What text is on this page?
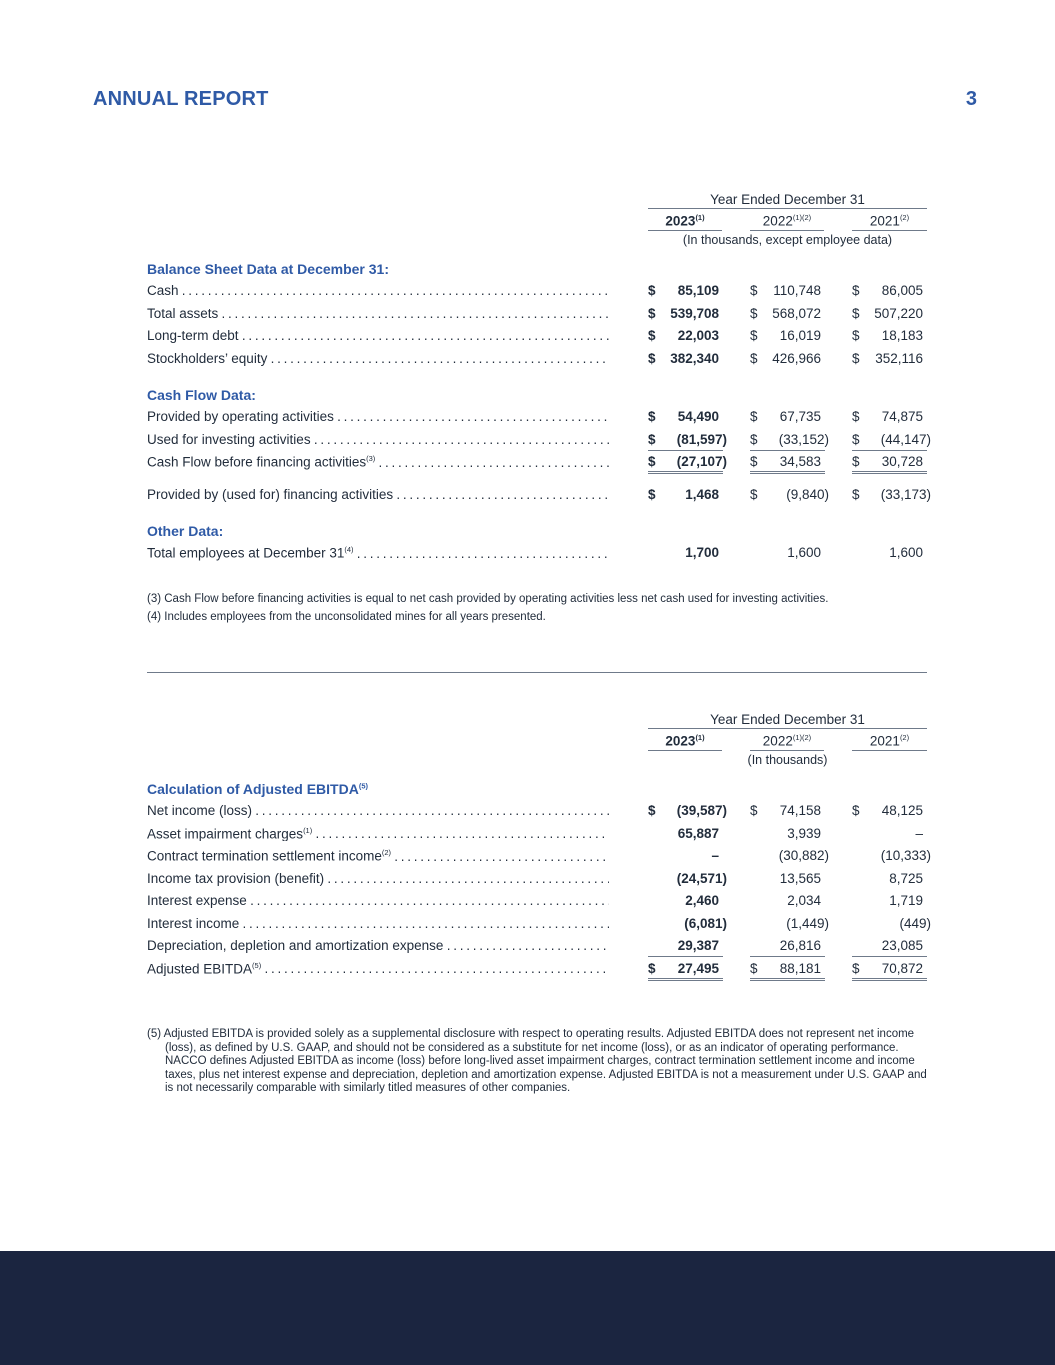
ANNUAL REPORT	3
Year Ended December 31
2023$^{(1)}$	$2022^{(1)(2)}$	2021$^{(2)}$
(In thousands, except employee data)
Balance Sheet Data at December 31:
Cash . . .	$ 85,109 $ 110,748 $ 86,005
Total assets . . .	$ 539,708 $ 568,072 $ 507,220
Long-term debt . . .	$ 22,003 $ 16,019 $ 18,183
Stockholders’ equity . . .	$ 382,340 $ 426,966 $ 352,116
Cash Flow Data:
Provided by operating activities . . .	$ 54,490 $ 67,735 $ 74,875
Used for investing activities . . .	$ (81,597) $ (33,152) $ (44,147)
Cash Flow before financing activities$^{(3)}$ . . .	$ (27,107) $ 34,583 $ 30,728
Provided by (used for) financing activities . . .	$ 1,468 $ (9,840) $ (33,173)
Other Data:
Total employees at December 31$^{(4)}$ . . .	1,700	1,600	1,600

(3) Cash Flow before financing activities is equal to net cash provided by operating activities less net cash used for investing activities.

(4) Includes employees from the unconsolidated mines for all years presented.

Year Ended December 31
2023$^{(1)}$	$2022^{(1)(2)}$	2021$^{(2)}$
(In thousands)
Calculation of Adjusted EBITDA$^{(5)}$
Net income (loss) . . .	$ (39,587) $ 74,158 $ 48,125
Asset impairment charges$^{(1)}$ . . .	65,887	3,939	–
Contract termination settlement income$^{(2)}$ . . .	–	(30,882)	(10,333)
Income tax provision (benefit) . . .	(24,571)	13,565	8,725
Interest expense . . .	2,460	2,034	1,719
Interest income . . .	(6,081)	(1,449)	(449)
Depreciation, depletion and amortization expense . . .	29,387	26,816	23,085
Adjusted EBITDA$^{(5)}$ . . .	$ 27,495 $ 88,181 $ 70,872

(5) Adjusted EBITDA is provided solely as a supplemental disclosure with respect to operating results. Adjusted EBITDA does not represent net income (loss), as defined by U.S. GAAP, and should not be considered as a substitute for net income (loss), or as an indicator of operating performance. NACCO defines Adjusted EBITDA as income (loss) before long-lived asset impairment charges, contract termination settlement income and income taxes, plus net interest expense and depreciation, depletion and amortization expense. Adjusted EBITDA is not a measurement under U.S. GAAP and is not necessarily comparable with similarly titled measures of other companies.
